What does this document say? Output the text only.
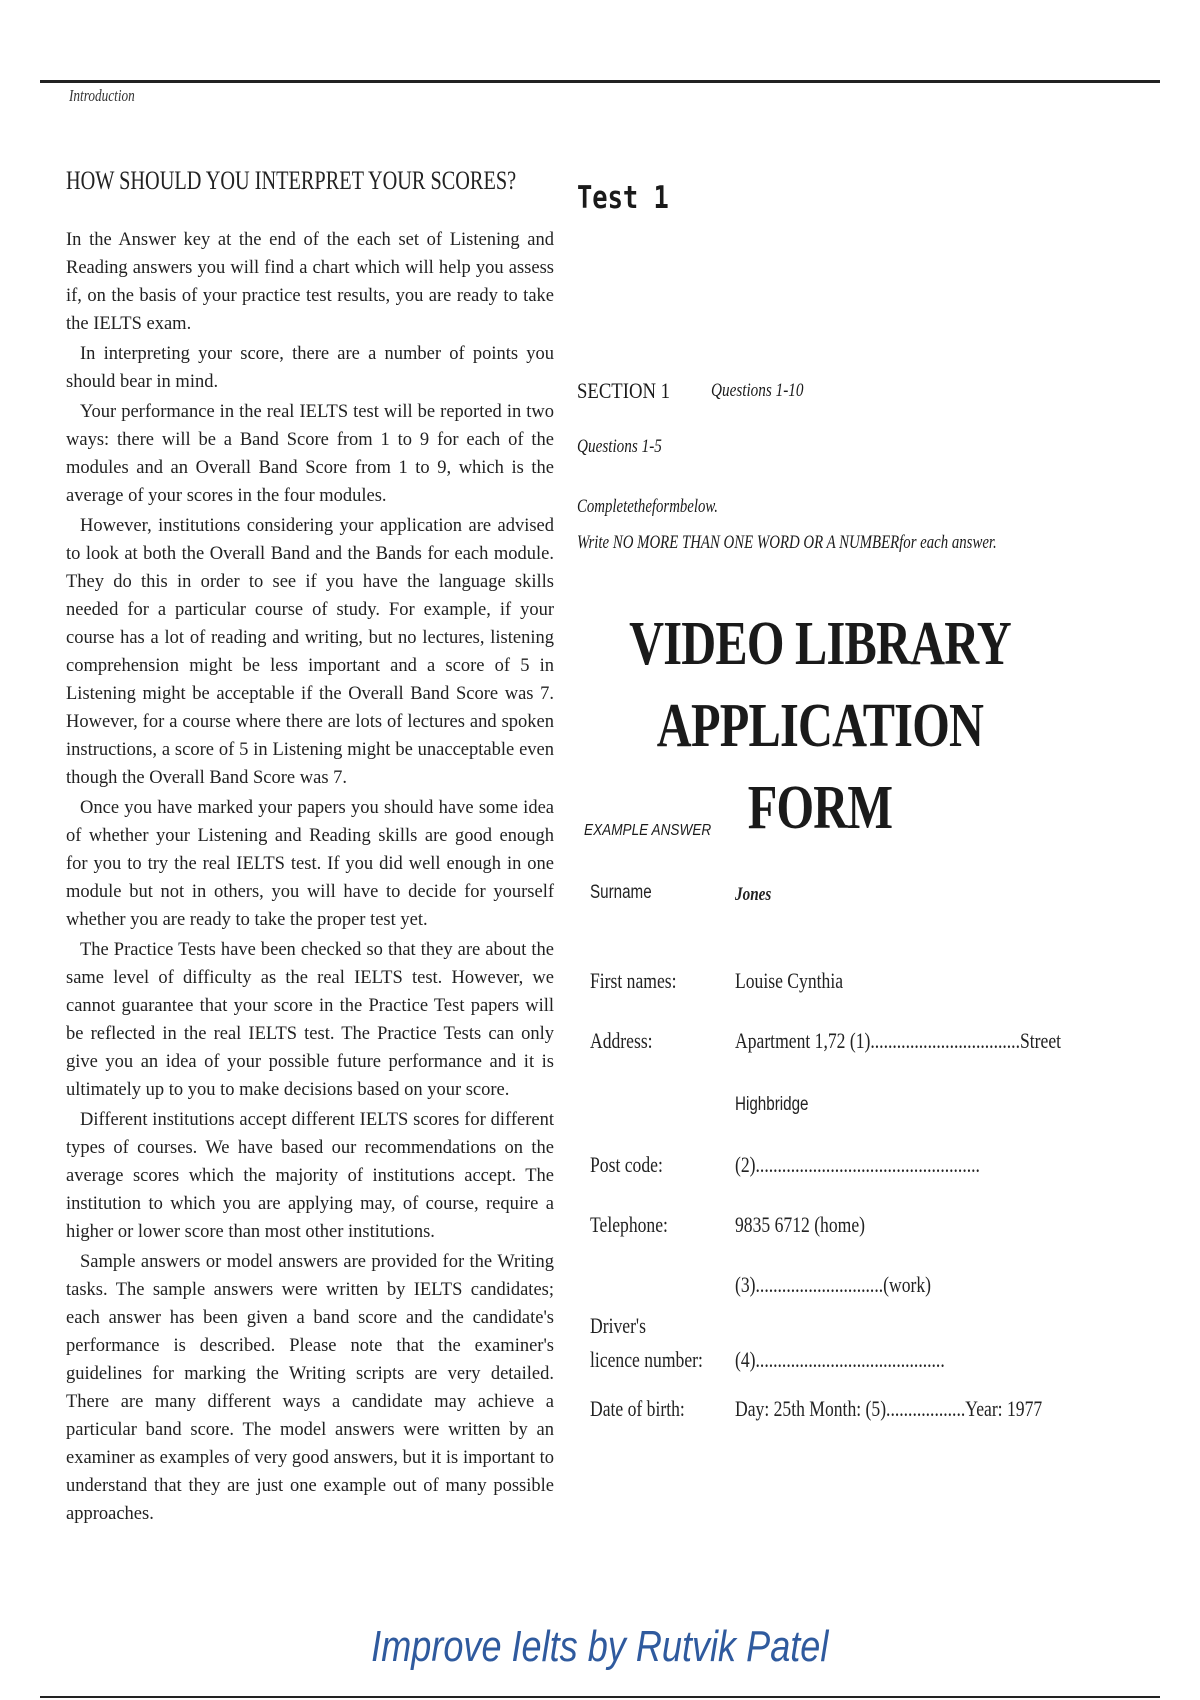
Introduction
HOW SHOULD YOU INTERPRET YOUR SCORES?

In the Answer key at the end of the each set of Listening and Reading answers you will find a chart which will help you assess if, on the basis of your practice test results, you are ready to take the IELTS exam.

In interpreting your score, there are a number of points you should bear in mind.

Your performance in the real IELTS test will be reported in two ways: there will be a Band Score from 1 to 9 for each of the modules and an Overall Band Score from 1 to 9, which is the average of your scores in the four modules.

However, institutions considering your application are advised to look at both the Overall Band and the Bands for each module. They do this in order to see if you have the language skills needed for a particular course of study. For example, if your course has a lot of reading and writing, but no lectures, listening comprehension might be less important and a score of 5 in Listening might be acceptable if the Overall Band Score was 7. However, for a course where there are lots of lectures and spoken instructions, a score of 5 in Listening might be unacceptable even though the Overall Band Score was 7.

Once you have marked your papers you should have some idea of whether your Listening and Reading skills are good enough for you to try the real IELTS test. If you did well enough in one module but not in others, you will have to decide for yourself whether you are ready to take the proper test yet.

The Practice Tests have been checked so that they are about the same level of difficulty as the real IELTS test. However, we cannot guarantee that your score in the Practice Test papers will be reflected in the real IELTS test. The Practice Tests can only give you an idea of your possible future performance and it is ultimately up to you to make decisions based on your score.

Different institutions accept different IELTS scores for different types of courses. We have based our recommendations on the average scores which the majority of institutions accept. The institution to which you are applying may, of course, require a higher or lower score than most other institutions.

Sample answers or model answers are provided for the Writing tasks. The sample answers were written by IELTS candidates; each answer has been given a band score and the candidate's performance is described. Please note that the examiner's guidelines for marking the Writing scripts are very detailed. There are many different ways a candidate may achieve a particular band score. The model answers were written by an examiner as examples of very good answers, but it is important to understand that they are just one example out of many possible approaches.

Test 1
SECTION 1 Questions 1-10
Questions 1-5
Completetheformbelow.
Write NO MORE THAN ONE WORD OR A NUMBERfor each answer.
VIDEO LIBRARY
APPLICATION FORM
EXAMPLE ANSWER
Surname	Jones
First names:	Louise Cynthia
Address:	Apartment 1,72 (1)..................................Street
Highbridge
Post code:	(2)...................................................
Telephone:	9835 6712 (home)
(3).............................(work)
Driver's
licence number: (4)...........................................
Date of birth: Day: 25th Month: (5)..................Year: 1977
Improve Ielts by Rutvik Patel
